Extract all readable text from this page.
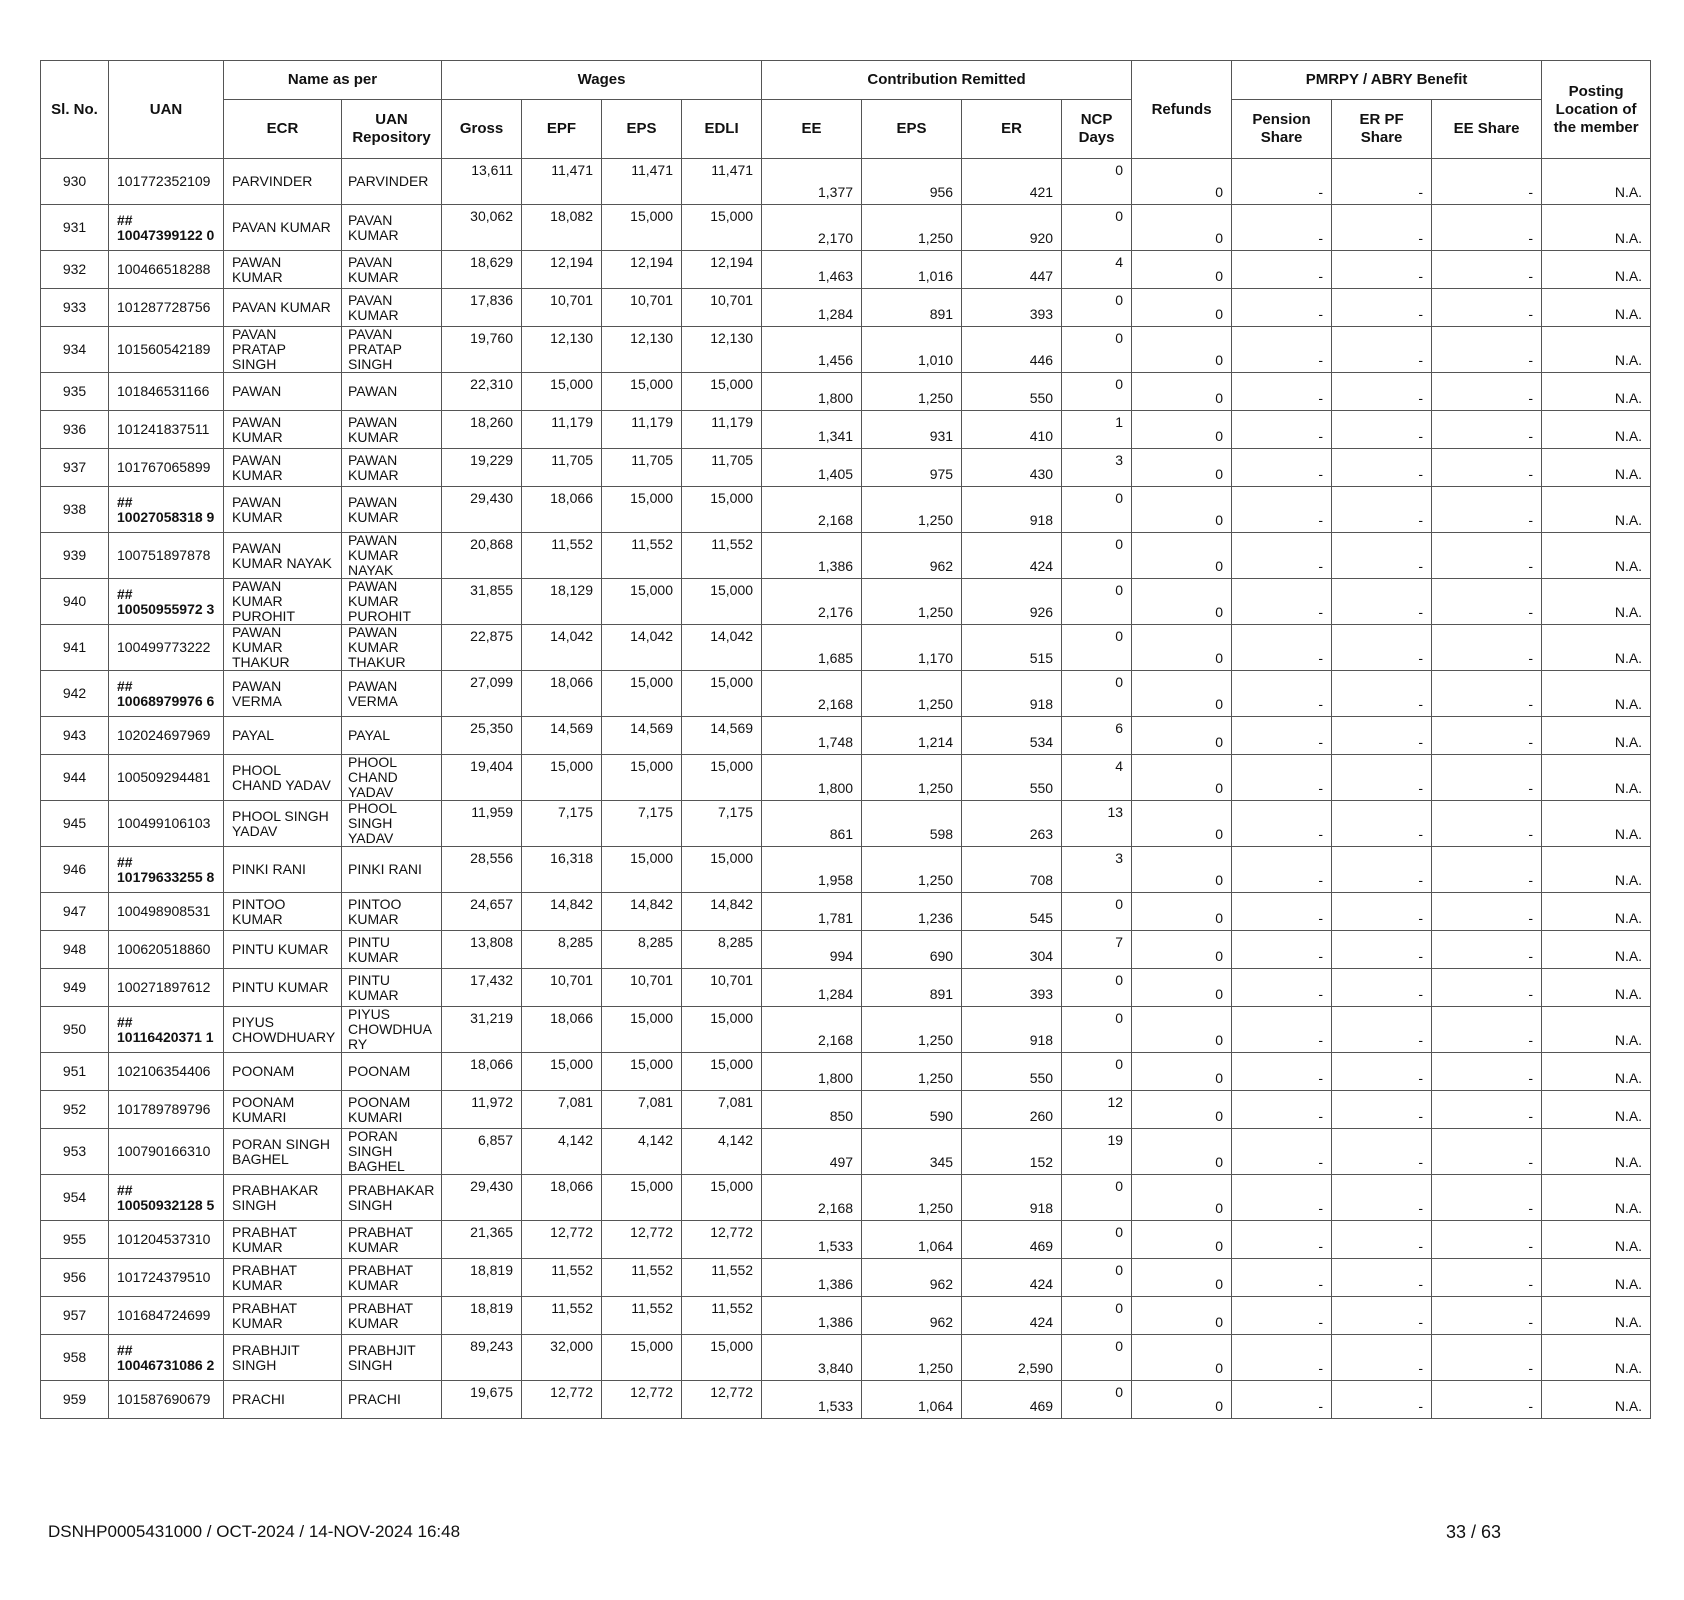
Sl. No.	UAN	Name as per		Wages				Contribution Remitted				Refunds	PMRPY / ABRY Benefit			Posting Location of the member
		ECR	UAN Repository	Gross	EPF	EPS	EDLI	EE	EPS	ER	NCP Days		Pension Share	ER PF Share	EE Share	
930	101772352109	PARVINDER	PARVINDER	13,611	11,471	11,471	11,471	1,377	956	421	0	0	-	-	-	N.A.
931	## 10047399122 0	PAVAN KUMAR	PAVAN KUMAR	30,062	18,082	15,000	15,000	2,170	1,250	920	0	0	-	-	-	N.A.
932	100466518288	PAWAN KUMAR	PAVAN KUMAR	18,629	12,194	12,194	12,194	1,463	1,016	447	4	0	-	-	-	N.A.
933	101287728756	PAVAN KUMAR	PAVAN KUMAR	17,836	10,701	10,701	10,701	1,284	891	393	0	0	-	-	-	N.A.
934	101560542189	PAVAN PRATAP SINGH	PAVAN PRATAP SINGH	19,760	12,130	12,130	12,130	1,456	1,010	446	0	0	-	-	-	N.A.
935	101846531166	PAWAN	PAWAN	22,310	15,000	15,000	15,000	1,800	1,250	550	0	0	-	-	-	N.A.
936	101241837511	PAWAN KUMAR	PAWAN KUMAR	18,260	11,179	11,179	11,179	1,341	931	410	1	0	-	-	-	N.A.
937	101767065899	PAWAN KUMAR	PAWAN KUMAR	19,229	11,705	11,705	11,705	1,405	975	430	3	0	-	-	-	N.A.
938	## 10027058318 9	PAWAN KUMAR	PAWAN KUMAR	29,430	18,066	15,000	15,000	2,168	1,250	918	0	0	-	-	-	N.A.
939	100751897878	PAWAN KUMAR NAYAK	PAWAN KUMAR NAYAK	20,868	11,552	11,552	11,552	1,386	962	424	0	0	-	-	-	N.A.
940	## 10050955972 3	PAWAN KUMAR PUROHIT	PAWAN KUMAR PUROHIT	31,855	18,129	15,000	15,000	2,176	1,250	926	0	0	-	-	-	N.A.
941	100499773222	PAWAN KUMAR THAKUR	PAWAN KUMAR THAKUR	22,875	14,042	14,042	14,042	1,685	1,170	515	0	0	-	-	-	N.A.
942	## 10068979976 6	PAWAN VERMA	PAWAN VERMA	27,099	18,066	15,000	15,000	2,168	1,250	918	0	0	-	-	-	N.A.
943	102024697969	PAYAL	PAYAL	25,350	14,569	14,569	14,569	1,748	1,214	534	6	0	-	-	-	N.A.
944	100509294481	PHOOL CHAND YADAV	PHOOL CHAND YADAV	19,404	15,000	15,000	15,000	1,800	1,250	550	4	0	-	-	-	N.A.
945	100499106103	PHOOL SINGH YADAV	PHOOL SINGH YADAV	11,959	7,175	7,175	7,175	861	598	263	13	0	-	-	-	N.A.
946	## 10179633255 8	PINKI RANI	PINKI RANI	28,556	16,318	15,000	15,000	1,958	1,250	708	3	0	-	-	-	N.A.
947	100498908531	PINTOO KUMAR	PINTOO KUMAR	24,657	14,842	14,842	14,842	1,781	1,236	545	0	0	-	-	-	N.A.
948	100620518860	PINTU KUMAR	PINTU KUMAR	13,808	8,285	8,285	8,285	994	690	304	7	0	-	-	-	N.A.
949	100271897612	PINTU KUMAR	PINTU KUMAR	17,432	10,701	10,701	10,701	1,284	891	393	0	0	-	-	-	N.A.
950	## 10116420371 1	PIYUS CHOWDHUARY	PIYUS CHOWDHUA RY	31,219	18,066	15,000	15,000	2,168	1,250	918	0	0	-	-	-	N.A.
951	102106354406	POONAM	POONAM	18,066	15,000	15,000	15,000	1,800	1,250	550	0	0	-	-	-	N.A.
952	101789789796	POONAM KUMARI	POONAM KUMARI	11,972	7,081	7,081	7,081	850	590	260	12	0	-	-	-	N.A.
953	100790166310	PORAN SINGH BAGHEL	PORAN SINGH BAGHEL	6,857	4,142	4,142	4,142	497	345	152	19	0	-	-	-	N.A.
954	## 10050932128 5	PRABHAKAR SINGH	PRABHAKAR SINGH	29,430	18,066	15,000	15,000	2,168	1,250	918	0	0	-	-	-	N.A.
955	101204537310	PRABHAT KUMAR	PRABHAT KUMAR	21,365	12,772	12,772	12,772	1,533	1,064	469	0	0	-	-	-	N.A.
956	101724379510	PRABHAT KUMAR	PRABHAT KUMAR	18,819	11,552	11,552	11,552	1,386	962	424	0	0	-	-	-	N.A.
957	101684724699	PRABHAT KUMAR	PRABHAT KUMAR	18,819	11,552	11,552	11,552	1,386	962	424	0	0	-	-	-	N.A.
958	## 10046731086 2	PRABHJIT SINGH	PRABHJIT SINGH	89,243	32,000	15,000	15,000	3,840	1,250	2,590	0	0	-	-	-	N.A.
959	101587690679	PRACHI	PRACHI	19,675	12,772	12,772	12,772	1,533	1,064	469	0	0	-	-	-	N.A.
DSNHP0005431000 / OCT-2024 / 14-NOV-2024 16:48	33 / 63
